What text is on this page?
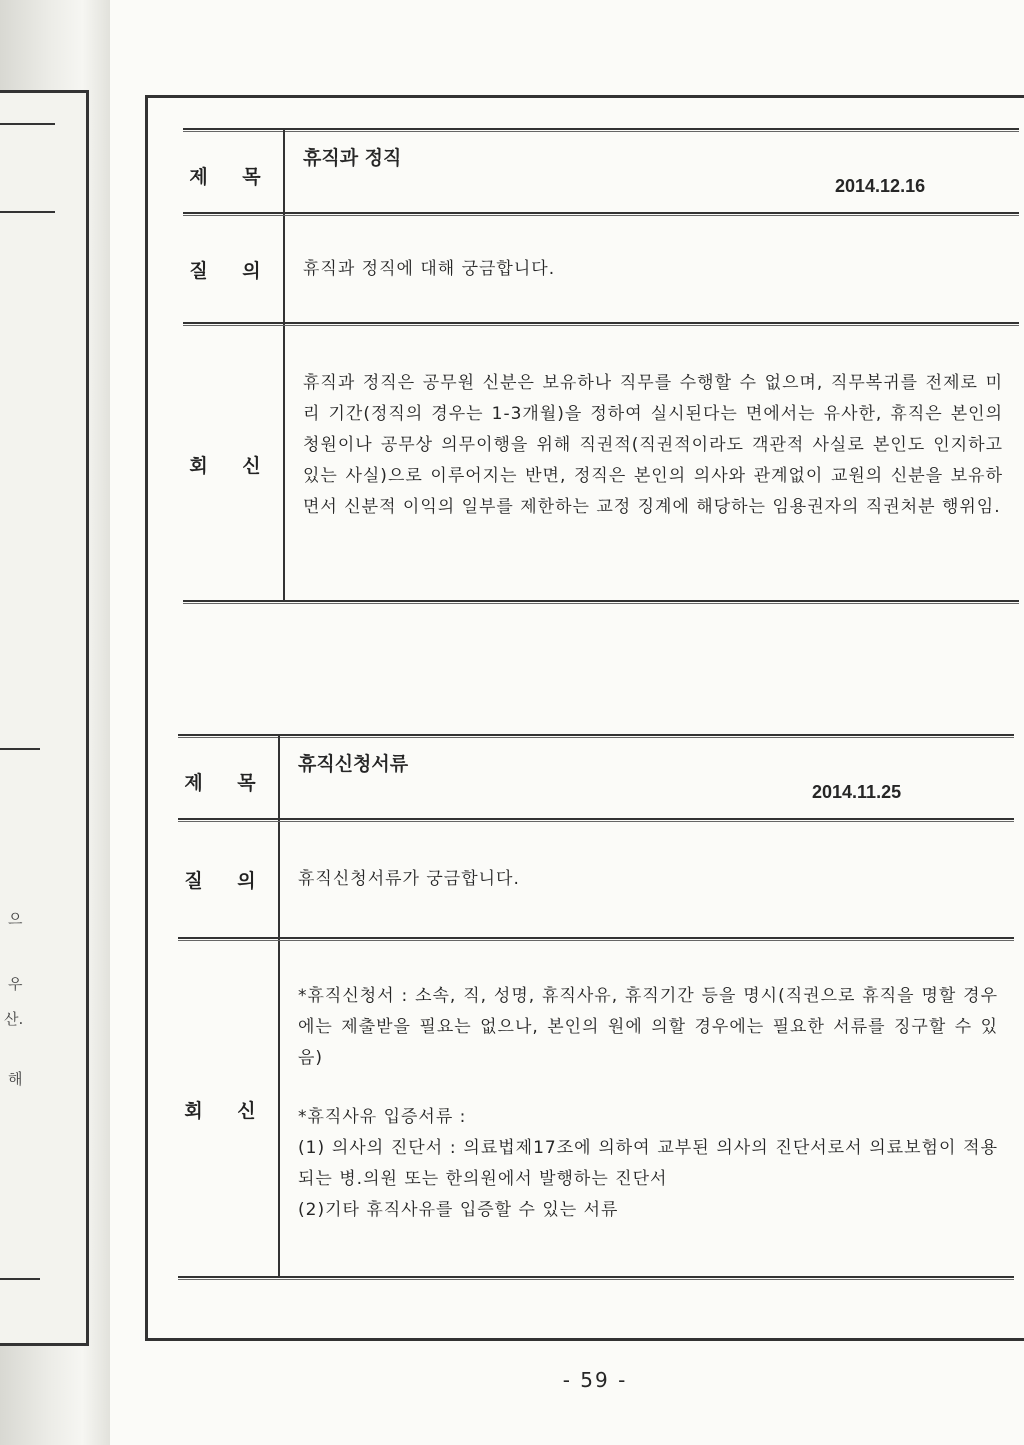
으
우
산.
해
제 목
휴직과 정직
2014.12.16
질 의	휴직과 정직에 대해 궁금합니다.
회 신

휴직과 정직은 공무원 신분은 보유하나 직무를 수행할 수 없으며, 직무복귀를 전제로 미리 기간(정직의 경우는 1-3개월)을 정하여 실시된다는 면에서는 유사한, 휴직은 본인의 청원이나 공무상 의무이행을 위해 직권적(직권적이라도 객관적 사실로 본인도 인지하고 있는 사실)으로 이루어지는 반면, 정직은 본인의 의사와 관계없이 교원의 신분을 보유하면서 신분적 이익의 일부를 제한하는 교정 징계에 해당하는 임용권자의 직권처분 행위임.

제 목
휴직신청서류
2014.11.25
질 의	휴직신청서류가 궁금합니다.
회 신

*휴직신청서 : 소속, 직, 성명, 휴직사유, 휴직기간 등을 명시(직권으로 휴직을 명할 경우에는 제출받을 필요는 없으나, 본인의 원에 의할 경우에는 필요한 서류를 징구할 수 있음)

*휴직사유 입증서류 :

(1) 의사의 진단서 : 의료법제17조에 의하여 교부된 의사의 진단서로서 의료보험이 적용되는 병.의원 또는 한의원에서 발행하는 진단서

(2)기타 휴직사유를 입증할 수 있는 서류

- 59 -
